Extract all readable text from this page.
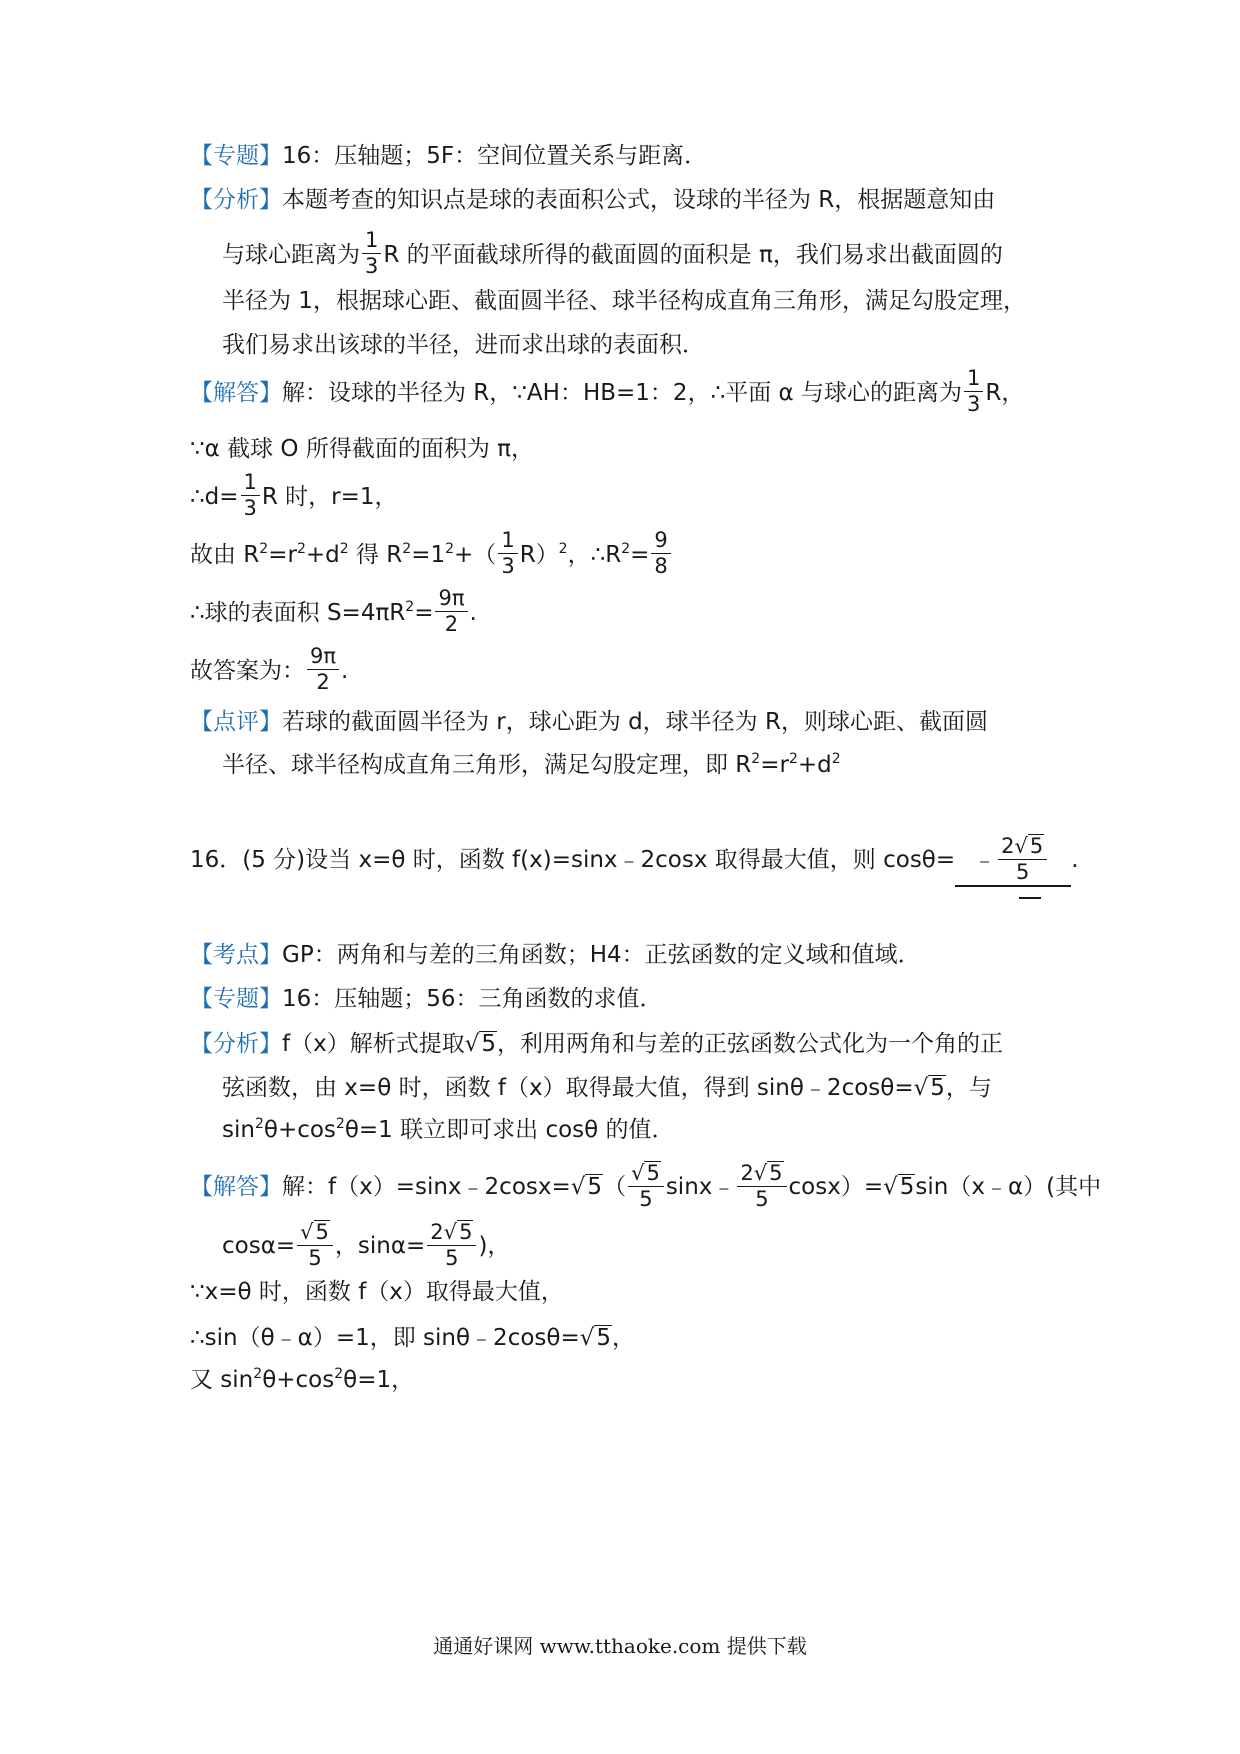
【专题】16：压轴题；5F：空间位置关系与距离．
【分析】本题考查的知识点是球的表面积公式，设球的半径为 R，根据题意知由
与球心距离为 $\frac{1}{3}$ R 的平面截球所得的截面圆的面积是 π，我们易求出截面圆的
半径为 1，根据球心距、截面圆半径、球半径构成直角三角形，满足勾股定理，
我们易求出该球的半径，进而求出球的表面积．
【解答】解：设球的半径为 R，∵AH：HB=1：2，∴平面 α 与球心的距离为 $\frac{1}{3}$ R，
∵α 截球 O 所得截面的面积为 π，
∴d= $\frac{1}{3}$ R 时，r=1，
故由 $R^2=r^2+d^2$ 得 $R^2=1^2+( \frac{1}{3} R)^2$，$\therefore R^2= \frac{9}{8}$
∴球的表面积 $S=4\pi R^2= \frac{9\pi}{2}$ .
故答案为： $\frac{9\pi}{2}$ .
【点评】若球的截面圆半径为 r，球心距为 d，球半径为 R，则球心距、截面圆
半径、球半径构成直角三角形，满足勾股定理，即 $R^2=r^2+d^2$
16．(5 分)设当 x=θ 时，函数 f(x)=sinx﹣2cosx 取得最大值，则 cosθ= ﹣ $\frac{2√5}{5}$ .
【考点】GP：两角和与差的三角函数；H4：正弦函数的定义域和值域．
【专题】16：压轴题；56：三角函数的求值．
【分析】f（x）解析式提取√5，利用两角和与差的正弦函数公式化为一个角的正
弦函数，由 x=θ 时，函数 f（x）取得最大值，得到 sinθ﹣2cosθ=√5，与
$\sin^2\theta+\cos^2\theta=1$ 联立即可求出 cosθ 的值．
【解答】解：f（x）=sinx﹣2cosx=√5（ $\frac{√5}{5}$ sinx﹣ $\frac{2√5}{5}$ cosx）=√5sin（x﹣α）(其中
$\cos\alpha= \frac{√5}{5}$ ，$\sin\alpha= \frac{2√5}{5}$ )，
∵x=θ 时，函数 f（x）取得最大值，
∴sin（θ﹣α）=1，即 sinθ﹣2cosθ=√5，
又 $\sin^2\theta+\cos^2\theta=1$，
通通好课网 www.tthaoke.com 提供下载
